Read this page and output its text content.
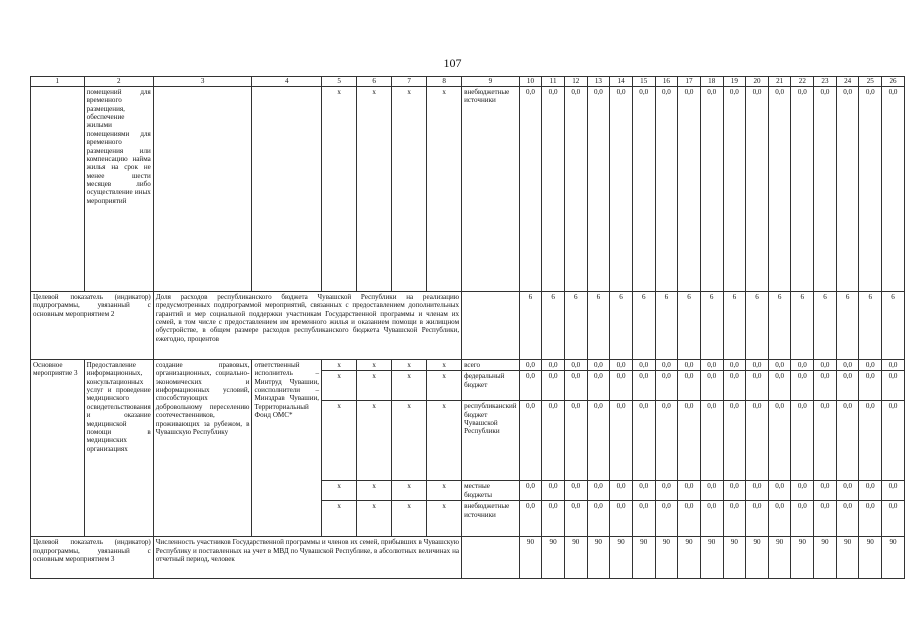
107
1	2	3	4	5	6	7	8	9	10	11	12	13	14	15	16	17	18	19	20	21	22	23	24	25	26
	помещений для временного размещения, обеспечение жилыми помещениями для временного размещения или компенсацию найма жилья на срок не менее шести месяцев либо осуществление иных мероприятий			x	x	x	x	внебюджетные источники	0,0	0,0	0,0	0,0	0,0	0,0	0,0	0,0	0,0	0,0	0,0	0,0	0,0	0,0	0,0	0,0	0,0
Целевой показатель (индикатор) подпрограммы, увязанный с основным мероприятием 2		Доля расходов республиканского бюджета Чувашской Республики на реализацию предусмотренных подпрограммой мероприятий, связанных с предоставлением дополнительных гарантий и мер социальной поддержки участникам Государственной программы и членам их семей, в том числе с предоставлением им временного жилья и оказанием помощи в жилищном обустройстве, в общем размере расходов республиканского бюджета Чувашской Республики, ежегодно, процентов							6	6	6	6	6	6	6	6	6	6	6	6	6	6	6	6	6
Основное мероприятие 3	Предоставление информационных, консультационных услуг и проведение медицинского освидетельствования и оказание медицинской помощи в медицинских организациях	создание правовых, организационных, социально-экономических и информационных условий, способствующих добровольному переселению соотечественников, проживающих за рубежом, в Чувашскую Республику	ответственный исполнитель – Минтруд Чувашии, соисполнители – Минздрав Чувашии, Территориальный Фонд ОМС*	x	x	x	x	всего	0,0	0,0	0,0	0,0	0,0	0,0	0,0	0,0	0,0	0,0	0,0	0,0	0,0	0,0	0,0	0,0	0,0
				x	x	x	x	федеральный бюджет	0,0	0,0	0,0	0,0	0,0	0,0	0,0	0,0	0,0	0,0	0,0	0,0	0,0	0,0	0,0	0,0	0,0
				x	x	x	x	республиканский бюджет Чувашской Республики	0,0	0,0	0,0	0,0	0,0	0,0	0,0	0,0	0,0	0,0	0,0	0,0	0,0	0,0	0,0	0,0	0,0
				x	x	x	x	местные бюджеты	0,0	0,0	0,0	0,0	0,0	0,0	0,0	0,0	0,0	0,0	0,0	0,0	0,0	0,0	0,0	0,0	0,0
				x	x	x	x	внебюджетные источники	0,0	0,0	0,0	0,0	0,0	0,0	0,0	0,0	0,0	0,0	0,0	0,0	0,0	0,0	0,0	0,0	0,0
Целевой показатель (индикатор) подпрограммы, увязанный с основным мероприятием 3		Численность участников Государственной программы и членов их семей, прибывших в Чувашскую Республику и поставленных на учет в МВД по Чувашской Республике, в абсолютных величинах на отчетный период, человек							90	90	90	90	90	90	90	90	90	90	90	90	90	90	90	90	90
